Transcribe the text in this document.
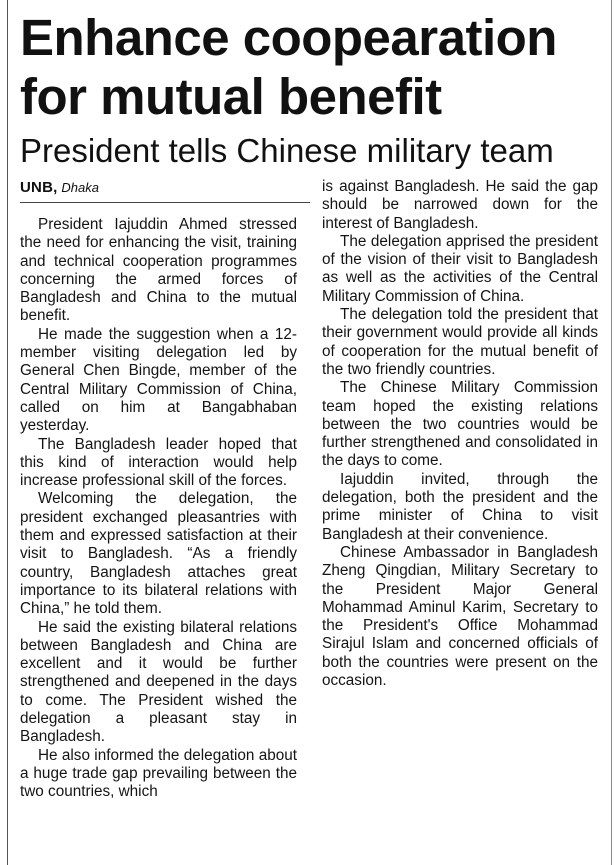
Enhance coopearation for mutual benefit
President tells Chinese military team
UNB, Dhaka

President Iajuddin Ahmed stressed the need for enhancing the visit, training and technical cooperation programmes concerning the armed forces of Bangladesh and China to the mutual benefit.

He made the suggestion when a 12-member visiting delegation led by General Chen Bingde, member of the Central Military Commission of China, called on him at Bangabhaban yesterday.

The Bangladesh leader hoped that this kind of interaction would help increase professional skill of the forces.

Welcoming the delegation, the president exchanged pleasantries with them and expressed satisfaction at their visit to Bangladesh. “As a friendly country, Bangladesh attaches great importance to its bilateral relations with China,” he told them.

He said the existing bilateral relations between Bangladesh and China are excellent and it would be further strengthened and deepened in the days to come. The President wished the delegation a pleasant stay in Bangladesh.

He also informed the delegation about a huge trade gap prevailing between the two countries, which

is against Bangladesh. He said the gap should be narrowed down for the interest of Bangladesh.

The delegation apprised the president of the vision of their visit to Bangladesh as well as the activities of the Central Military Commission of China.

The delegation told the president that their government would provide all kinds of cooperation for the mutual benefit of the two friendly countries.

The Chinese Military Commission team hoped the existing relations between the two countries would be further strengthened and consolidated in the days to come.

Iajuddin invited, through the delegation, both the president and the prime minister of China to visit Bangladesh at their convenience.

Chinese Ambassador in Bangladesh Zheng Qingdian, Military Secretary to the President Major General Mohammad Aminul Karim, Secretary to the President's Office Mohammad Sirajul Islam and concerned officials of both the countries were present on the occasion.
